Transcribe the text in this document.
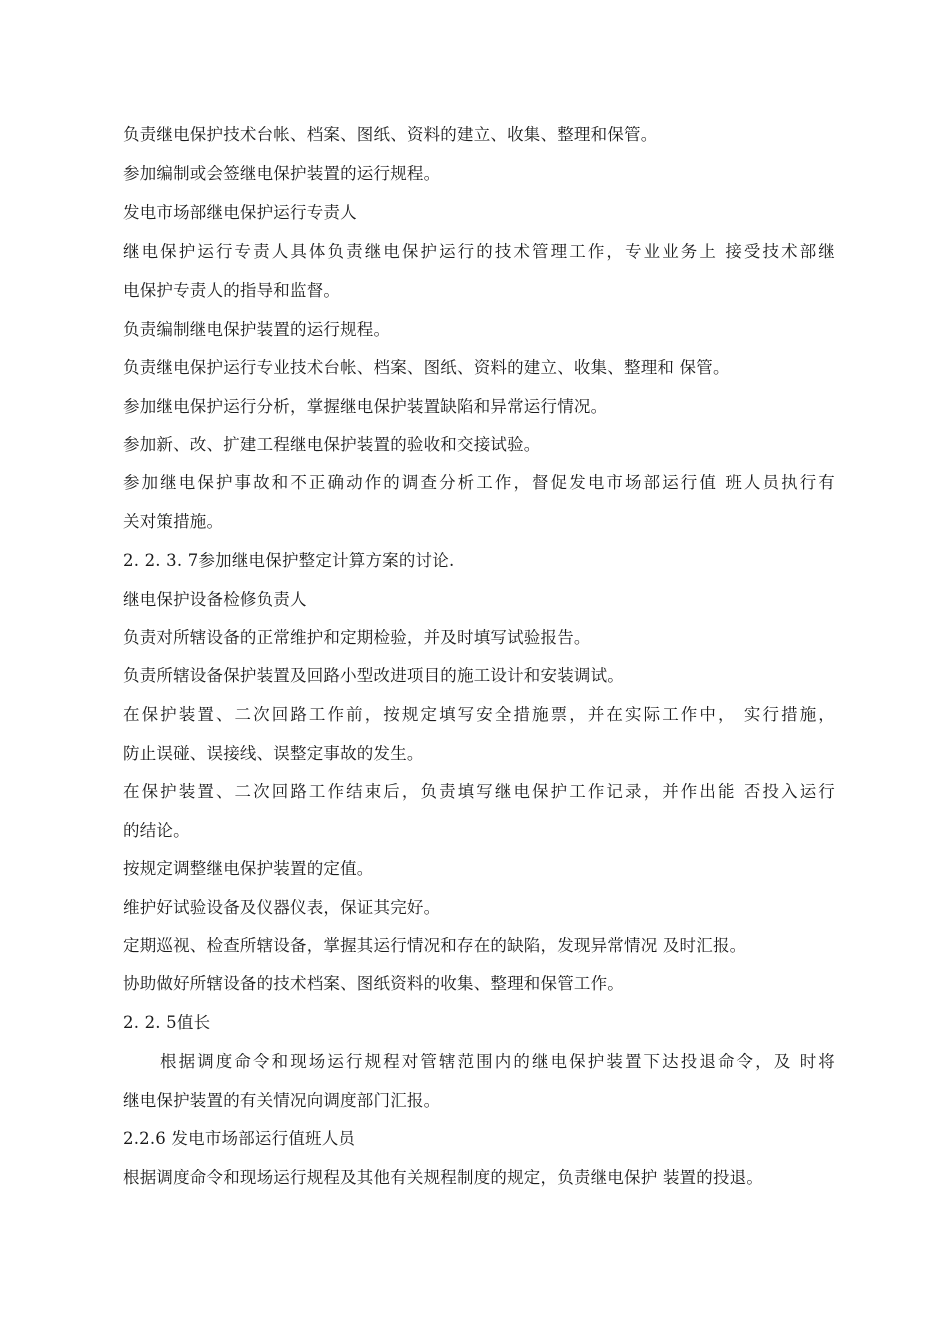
负责继电保护技术台帐、档案、图纸、资料的建立、收集、整理和保管。
参加编制或会签继电保护装置的运行规程。
发电市场部继电保护运行专责人
继电保护运行专责人具体负责继电保护运行的技术管理工作，专业业务上 接受技术部继
电保护专责人的指导和监督。
负责编制继电保护装置的运行规程。
负责继电保护运行专业技术台帐、档案、图纸、资料的建立、收集、整理和 保管。
参加继电保护运行分析，掌握继电保护装置缺陷和异常运行情况。
参加新、改、扩建工程继电保护装置的验收和交接试验。
参加继电保护事故和不正确动作的调查分析工作，督促发电市场部运行值 班人员执行有
关对策措施。
2. 2. 3. 7参加继电保护整定计算方案的讨论.
继电保护设备检修负责人
负责对所辖设备的正常维护和定期检验，并及时填写试验报告。
负责所辖设备保护装置及回路小型改进项目的施工设计和安装调试。
在保护装置、二次回路工作前，按规定填写安全措施票，并在实际工作中， 实行措施，
防止误碰、误接线、误整定事故的发生。
在保护装置、二次回路工作结束后，负责填写继电保护工作记录，并作出能 否投入运行
的结论。
按规定调整继电保护装置的定值。
维护好试验设备及仪器仪表，保证其完好。
定期巡视、检查所辖设备，掌握其运行情况和存在的缺陷，发现异常情况 及时汇报。
协助做好所辖设备的技术档案、图纸资料的收集、整理和保管工作。
2. 2. 5值长
根据调度命令和现场运行规程对管辖范围内的继电保护装置下达投退命令，及 时将
继电保护装置的有关情况向调度部门汇报。
2.2.6 发电市场部运行值班人员
根据调度命令和现场运行规程及其他有关规程制度的规定，负责继电保护 装置的投退。
